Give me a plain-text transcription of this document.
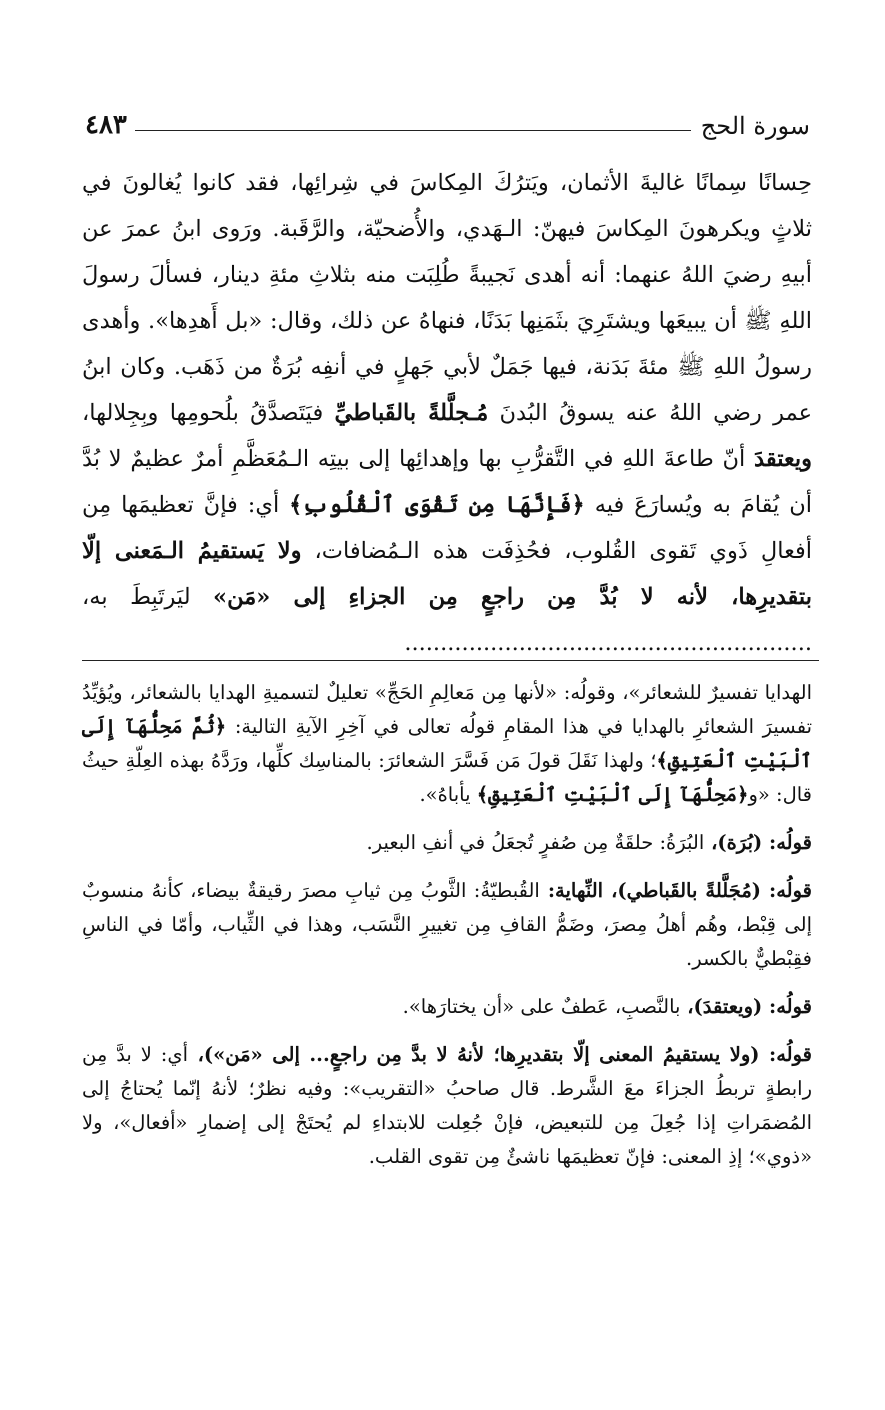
سورة الحج
٤٨٣

حِسانًا سِمانًا غاليةَ الأثمان، ويَترُكَ المِكاسَ في شِرائِها، فقد كانوا يُغالونَ في ثلاثٍ ويكرهونَ المِكاسَ فيهنّ: الـهَدي، والأُضحيّة، والرَّقَبة. ورَوى ابنُ عمرَ عن أبيهِ رضيَ اللهُ عنهما: أنه أهدى نَجيبةً طُلِبَت منه بثلاثِ مئةِ دينار، فسألَ رسولَ اللهِ ﷺ أن يبيعَها ويشتَرِيَ بثَمَنِها بَدَنًا، فنهاهُ عن ذلك، وقال: «بل أَهدِها». وأهدى رسولُ اللهِ ﷺ مئةَ بَدَنة، فيها جَمَلٌ لأبي جَهلٍ في أنفِه بُرَةٌ من ذَهَب. وكان ابنُ عمر رضي اللهُ عنه يسوقُ البُدنَ مُـجلَّلةً بالقَباطيِّ فيَتَصدَّقُ بلُحومِها وبِجِلالها، ويعتقدَ أنّ طاعةَ اللهِ في التَّقرُّبِ بها وإهدائِها إلى بيتِه الـمُعَظَّمِ أمرٌ عظيمٌ لا بُدَّ أن يُقامَ به ويُسارَعَ فيه ﴿فَإِنَّهَا مِن تَقْوَى ٱلْقُلُوبِ﴾ أي: فإنَّ تعظيمَها مِن أفعالِ ذَوي تَقوى القُلوب، فحُذِفَت هذه الـمُضافات، ولا يَستقيمُ الـمَعنى إلّا بتقديرِها، لأنه لا بُدَّ مِن راجعٍ مِن الجزاءِ إلى «مَن» ليَرتَبِطَ به، .........................................................

الهدايا تفسيرٌ للشعائر»، وقولُه: «لأنها مِن مَعالِمِ الحَجِّ» تعليلٌ لتسميةِ الهدايا بالشعائر، ويُؤيِّدُ تفسيرَ الشعائرِ بالهدايا في هذا المقامِ قولُه تعالى في آخِرِ الآيةِ التالية: ﴿ثُمَّ مَحِلُّهَآ إِلَى ٱلْبَيْتِ ٱلْعَتِيقِ﴾؛ ولهذا نَقَلَ قولَ مَن فَسَّرَ الشعائرَ: بالمناسِك كلِّها، ورَدَّهُ بهذه العِلّةِ حيثُ قال: «و﴿مَحِلُّهَآ إِلَى ٱلْبَيْتِ ٱلْعَتِيقِ﴾ يأباهُ».

قولُه: (بُرَة)، البُرَةُ: حلقَةٌ مِن صُفرٍ تُجعَلُ في أنفِ البعير.

قولُه: (مُجَلَّلةً بالقَباطي)، النِّهاية: القُبطيّةُ: الثَّوبُ مِن ثيابِ مصرَ رقيقةٌ بيضاء، كأنهُ منسوبٌ إلى قِبْط، وهُم أهلُ مِصرَ، وضَمُّ القافِ مِن تغييرِ النَّسَب، وهذا في الثِّياب، وأمّا في الناسِ فقِبْطيٌّ بالكسر.

قولُه: (ويعتقدَ)، بالنَّصبِ، عَطفٌ على «أن يختارَها».

قولُه: (ولا يستقيمُ المعنى إلّا بتقديرِها؛ لأنهُ لا بدَّ مِن راجعٍ... إلى «مَن»)، أي: لا بدَّ مِن رابطةٍ تربطُ الجزاءَ معَ الشَّرط. قال صاحبُ «التقريب»: وفيه نظرٌ؛ لأنهُ إنّما يُحتاجُ إلى المُضمَراتِ إذا جُعِلَ مِن للتبعيض، فإنْ جُعِلت للابتداءِ لم يُحتَجْ إلى إضمارِ «أفعال»، ولا «ذوي»؛ إذِ المعنى: فإنّ تعظيمَها ناشئٌ مِن تقوى القلب.
